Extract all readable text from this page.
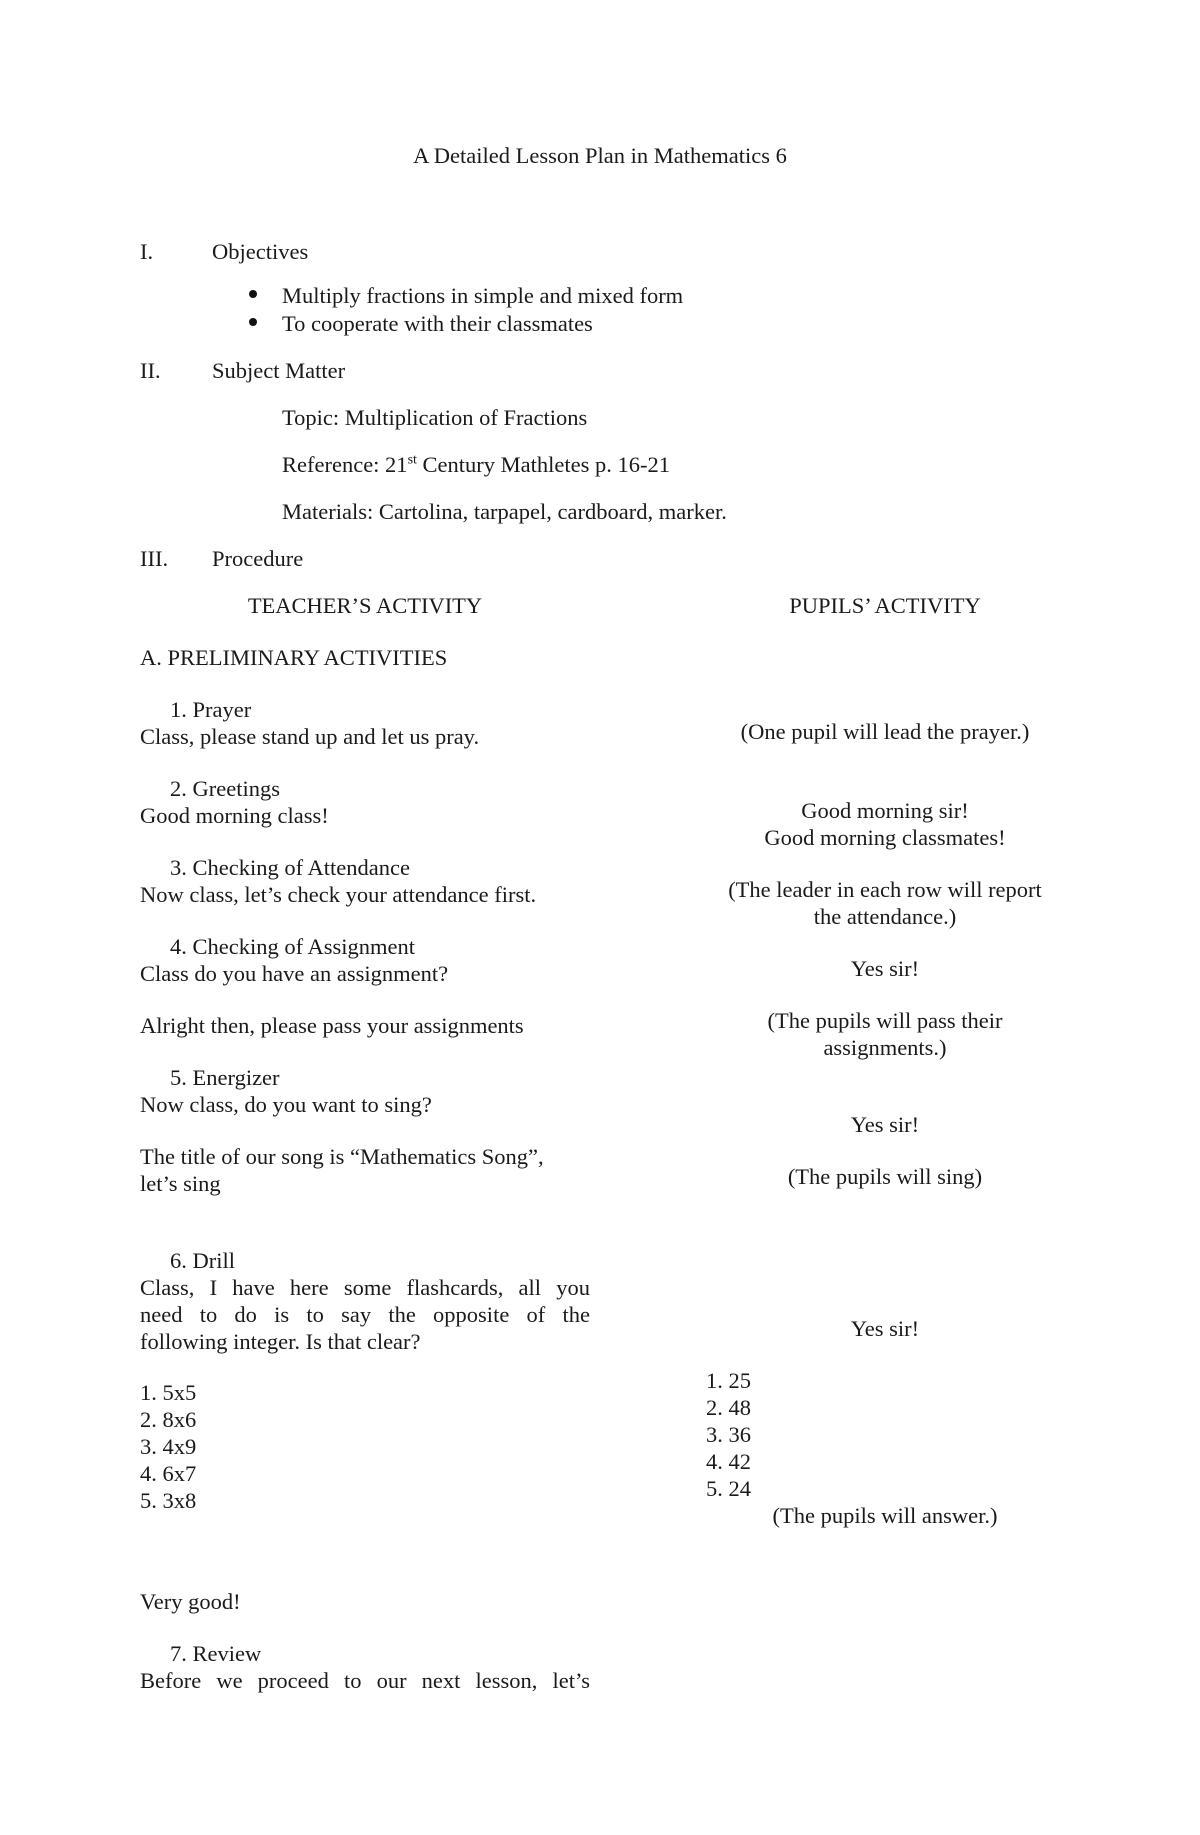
A Detailed Lesson Plan in Mathematics 6
I.	Objectives
Multiply fractions in simple and mixed form
To cooperate with their classmates
II. Subject Matter
Topic: Multiplication of Fractions
Reference: 21st Century Mathletes p. 16-21
Materials: Cartolina, tarpapel, cardboard, marker.
III. Procedure
TEACHER’S ACTIVITY	PUPILS’ ACTIVITY
A. PRELIMINARY ACTIVITIES
1. Prayer
Class, please stand up and let us pray.
2. Greetings
Good morning class!
3. Checking of Attendance
Now class, let’s check your attendance first.
4. Checking of Assignment
Class do you have an assignment?
Alright then, please pass your assignments
5. Energizer
Now class, do you want to sing?
The title of our song is “Mathematics Song”,
let’s sing
6. Drill
Class, I have here some flashcards, all you
need to do is to say the opposite of the
following integer. Is that clear?
1. 5x5
2. 8x6
3. 4x9
4. 6x7
5. 3x8
Very good!
7. Review
Before we proceed to our next lesson, let’s
(One pupil will lead the prayer.)
Good morning sir!
Good morning classmates!
(The leader in each row will report
the attendance.)
Yes sir!
(The pupils will pass their
assignments.)
Yes sir!
(The pupils will sing)
Yes sir!
1. 25
2. 48
3. 36
4. 42
5. 24
(The pupils will answer.)
